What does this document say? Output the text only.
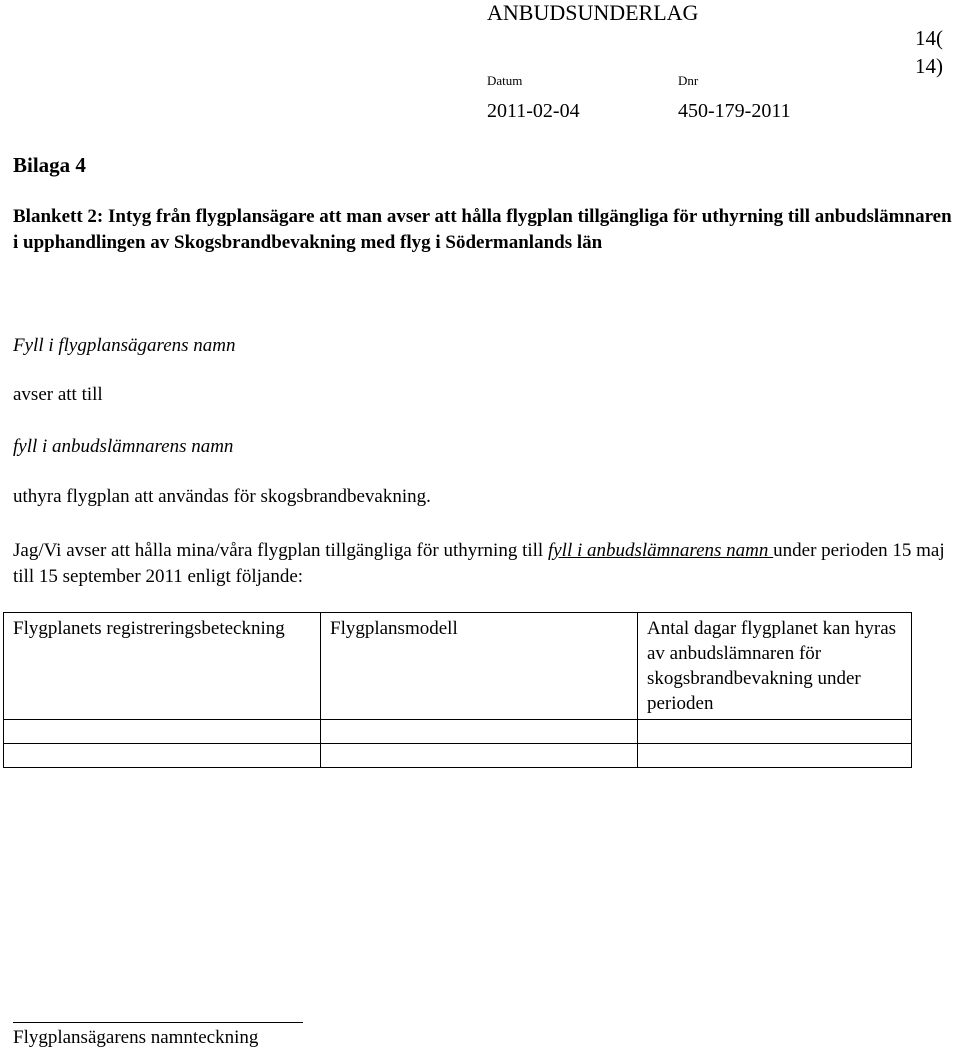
ANBUDSUNDERLAG
14(
14)
Datum	Dnr
2011-02-04	450-179-2011
Bilaga 4
Blankett 2: Intyg från flygplansägare att man avser att hålla flygplan tillgängliga för uthyrning till anbudslämnaren i upphandlingen av Skogsbrandbevakning med flyg i Södermanlands län
Fyll i flygplansägarens namn
avser att till
fyll i anbudslämnarens namn
uthyra flygplan att användas för skogsbrandbevakning.
Jag/Vi avser att hålla mina/våra flygplan tillgängliga för uthyrning till fyll i anbudslämnarens namn under perioden 15 maj till 15 september 2011 enligt följande:
Flygplanets registreringsbeteckning	Flygplansmodell	Antal dagar flygplanet kan hyras av anbudslämnaren för skogsbrandbevakning under perioden

Flygplansägarens namnteckning
